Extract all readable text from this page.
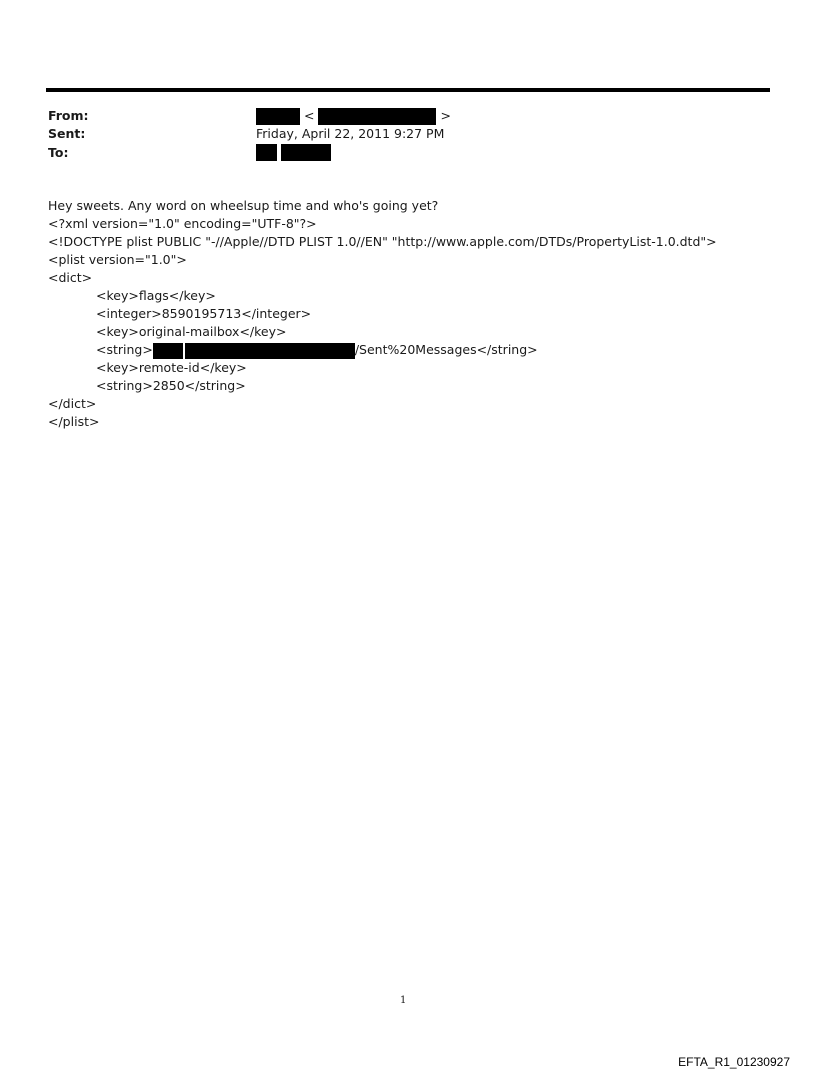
From:	<	>
Sent:	Friday, April 22, 2011 9:27 PM
To:

Hey sweets. Any word on wheelsup time and who's going yet?
<?xml version="1.0" encoding="UTF-8"?>
<!DOCTYPE plist PUBLIC "-//Apple//DTD PLIST 1.0//EN" "http://www.apple.com/DTDs/PropertyList-1.0.dtd">
<plist version="1.0">
<dict>
<key>flags</key>
<integer>8590195713</integer>
<key>original-mailbox</key>
<string>	/Sent%20Messages</string>
<key>remote-id</key>
<string>2850</string>
</dict>
</plist>
1
EFTA_R1_01230927
